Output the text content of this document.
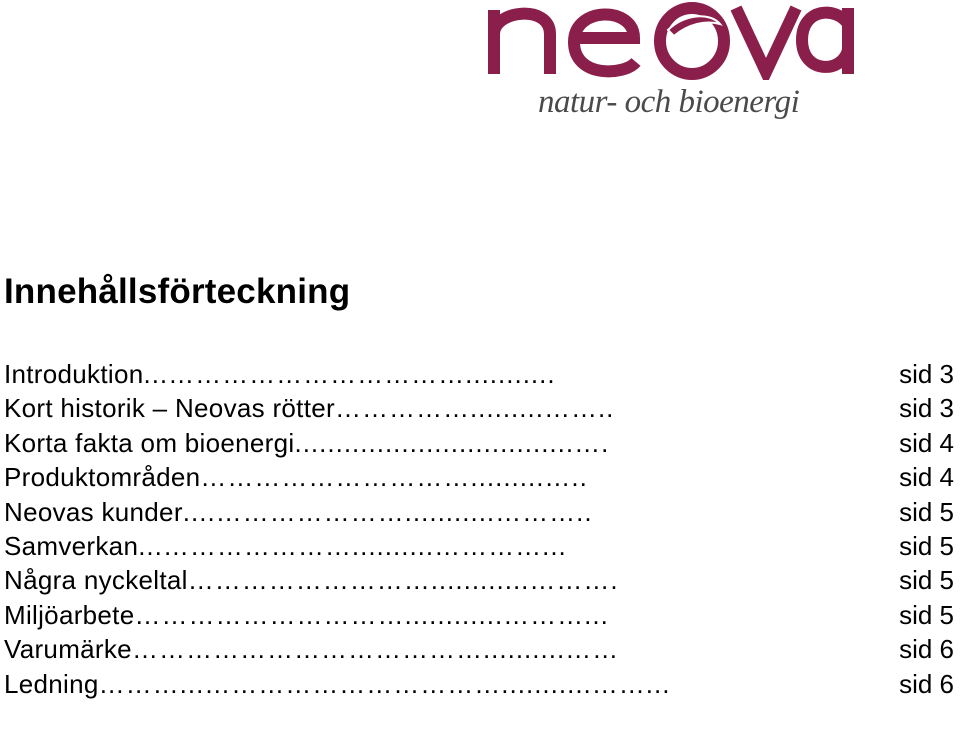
natur- och bioenergi
Innehållsförteckning
Introduktion ...……………………………...........	sid 3
Kort historik – Neovas rötter …………….........……..	sid 3
Korta fakta om bioenergi ..................................….	sid 4
Produktområden ………………………….........…..	sid 4
Neovas kunder ....…………………...........………..	sid 5
Samverkan ...…………………..........…………...	sid 5
Några nyckeltal ………………………............……….	sid 5
Miljöarbete …………………………............………...	sid 5
Varumärke …………………………………..........……	sid 6
Ledning ………...……………………………...........……...	sid 6
